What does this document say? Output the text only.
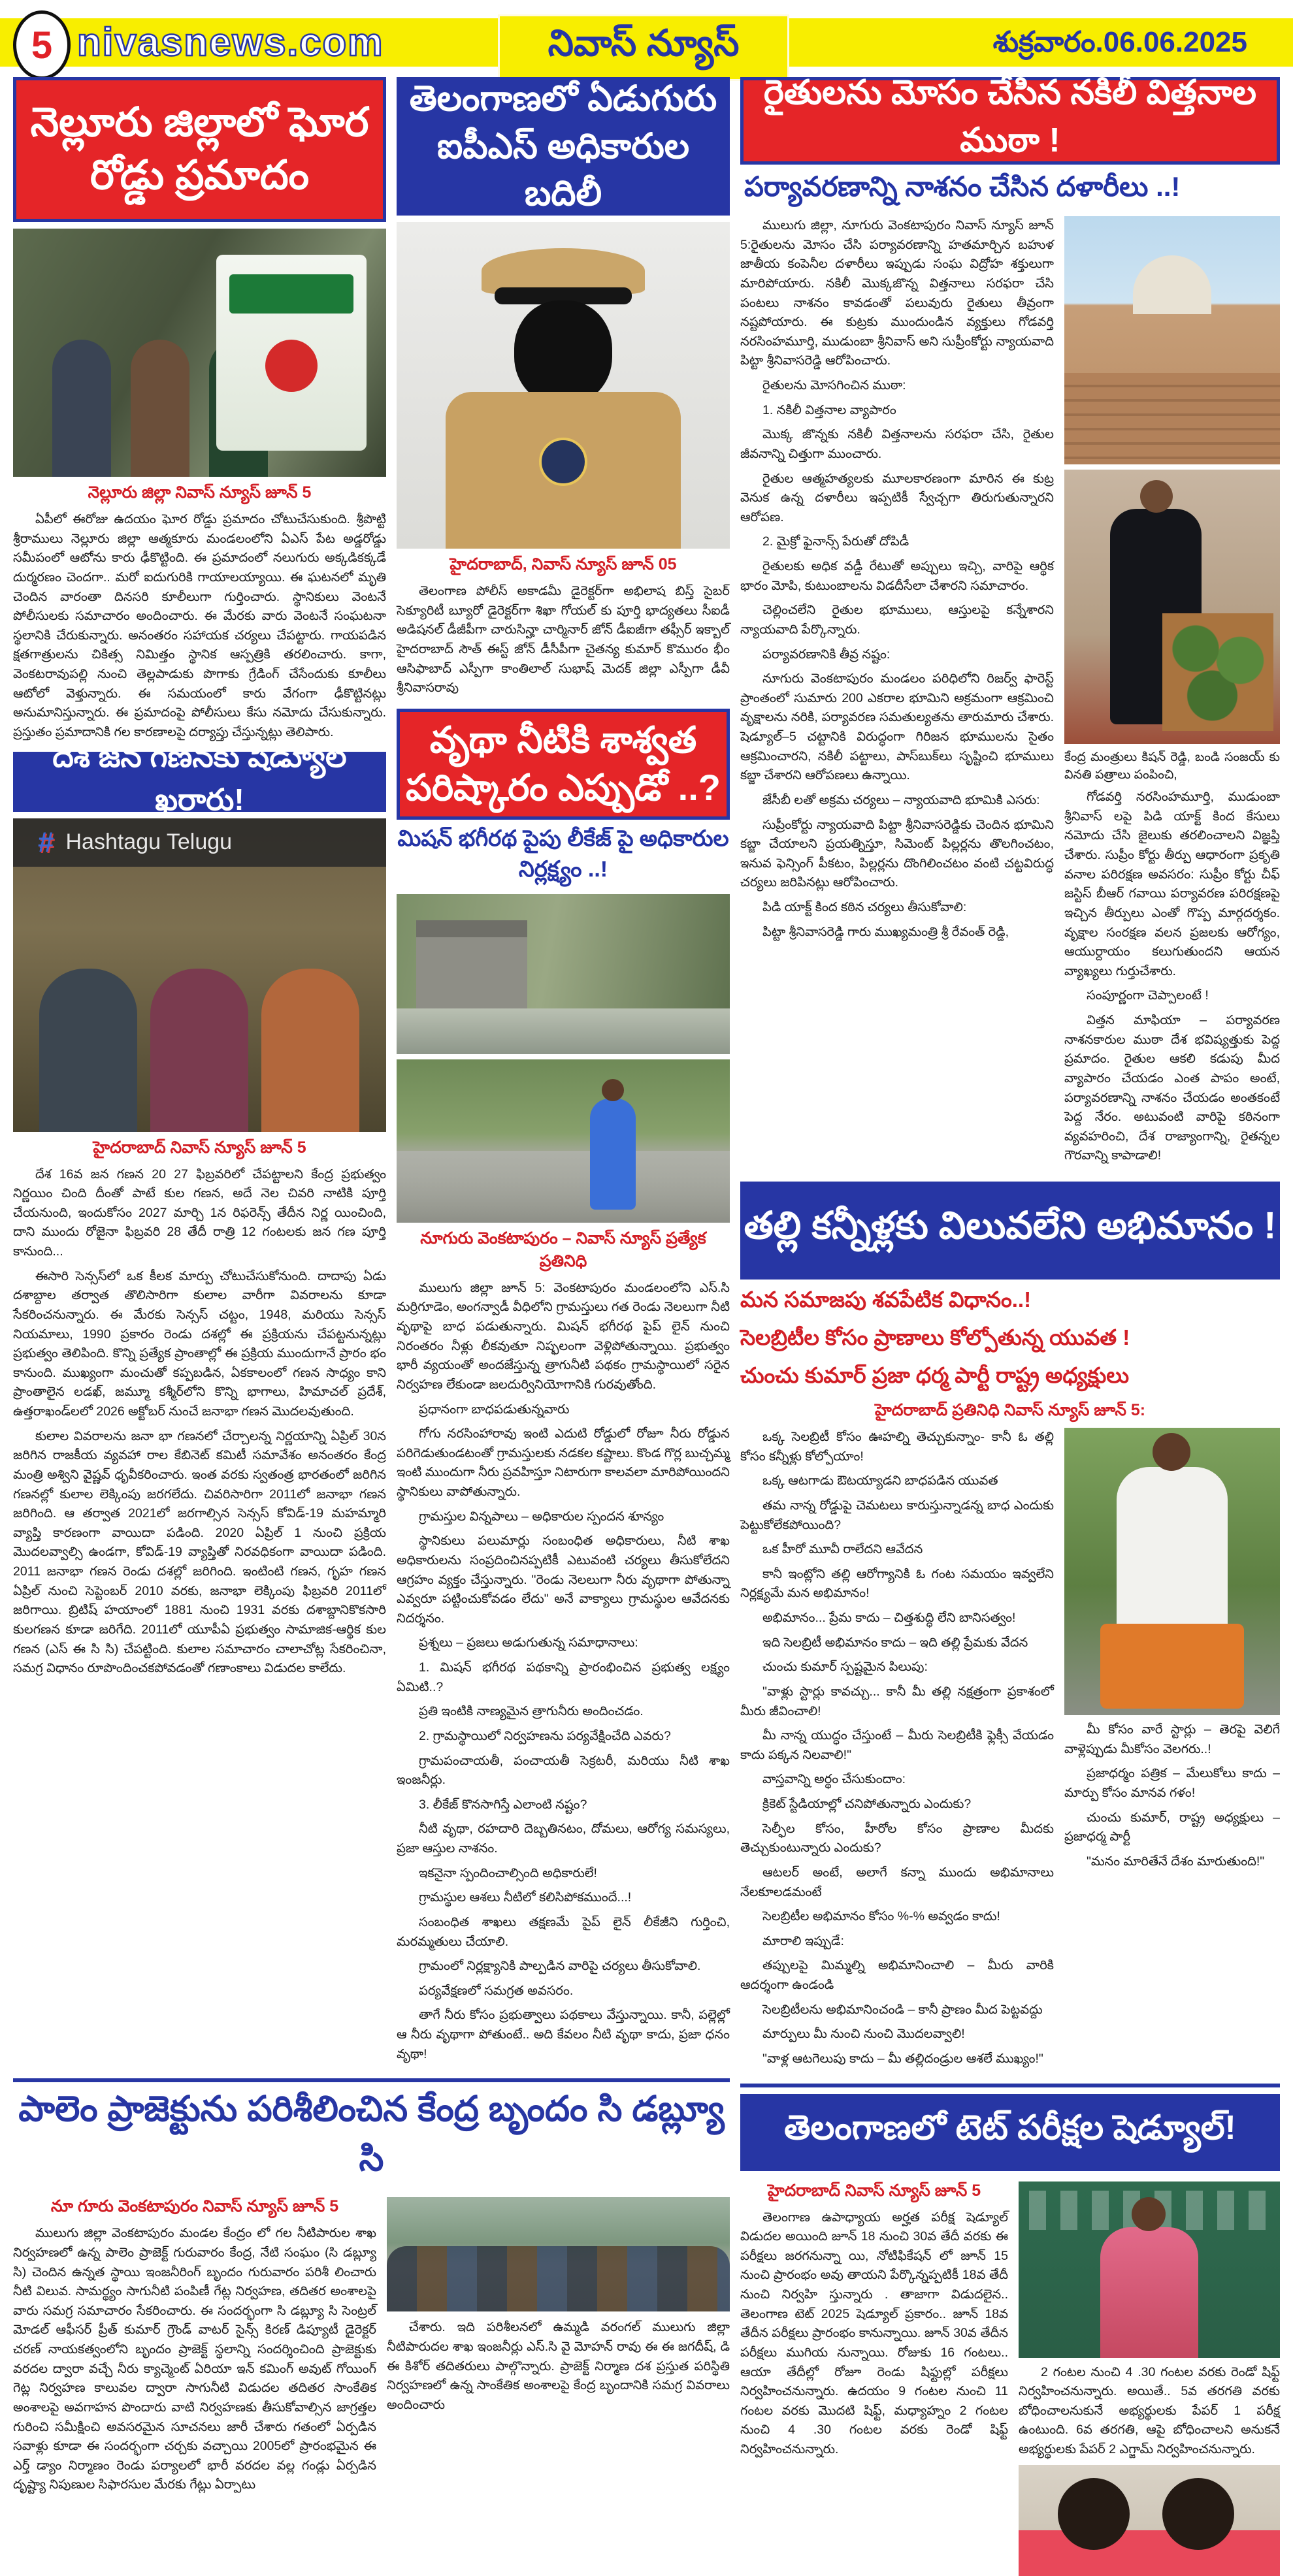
5 nivasnews.com	నివాస్ న్యూస్	శుక్రవారం.06.06.2025
నెల్లూరు జిల్లాలో ఘోర రోడ్డు ప్రమాదం
నెల్లూరు జిల్లా నివాస్ న్యూస్ జూన్ 5

ఏపీలో ఈరోజు ఉదయం ఘోర రోడ్డు ప్రమాదం చోటుచేసుకుంది. శ్రీపొట్టి శ్రీరాములు నెల్లూరు జిల్లా ఆత్మకూరు మండలంలోని ఏఎస్ పేట అడ్డరోడ్డు సమీపంలో ఆటోను కారు ఢీకొట్టింది. ఈ ప్రమాదంలో నలుగురు అక్కడికక్కడే దుర్మరణం చెందగా.. మరో ఐదుగురికి గాయాలయ్యాయి. ఈ ఘటనలో మృతి చెందిన వారంతా దినసరి కూలీలుగా గుర్తించారు. స్థానికులు వెంటనే పోలీసులకు సమాచారం అందించారు. ఈ మేరకు వారు వెంటనే సంఘటనా స్థలానికి చేరుకున్నారు. అనంతరం సహాయక చర్యలు చేపట్టారు. గాయపడిన క్షతగాత్రులను చికిత్స నిమిత్తం స్థానిక ఆస్పత్రికి తరలించారు. కాగా, వెంకటరావుపల్లి నుంచి తెల్లపాడుకు పొగాకు గ్రేడింగ్ చేసేందుకు కూలీలు ఆటోలో వెళ్తున్నారు. ఈ సమయంలో కారు వేగంగా ఢీకొట్టినట్లు అనుమానిస్తున్నారు. ఈ ప్రమాదంపై పోలీసులు కేసు నమోదు చేసుకున్నారు. ప్రస్తుతం ప్రమాదానికి గల కారణాలపై దర్యాప్తు చేస్తున్నట్లు తెలిపారు.

దేశ జన గణనకు షెడ్యూల్ ఖరారు!
# Hashtagu Telugu
హైదరాబాద్ నివాస్ న్యూస్ జూన్ 5

దేశ 16వ జన గణన 20 27 ఫిబ్రవరిలో చేపట్టాలని కేంద్ర ప్రభుత్వం నిర్ణయిం చింది దీంతో పాటే కుల గణన, అదే నెల చివరి నాటికి పూర్తి చేయనుంది, ఇందుకోసం 2027 మార్చి 1న రిఫరెన్స్ తేదీన నిర్ణ యించింది, దాని ముందు రోజైనా ఫిబ్రవరి 28 తేదీ రాత్రి 12 గంటలకు జన గణ పూర్తి కానుంది...

ఈసారి సెన్సస్‌లో ఒక కీలక మార్పు చోటుచేసుకోనుంది. దాదాపు ఏడు దశాబ్దాల తర్వాత తొలిసారిగా కులాల వారీగా వివరాలను కూడా సేకరించనున్నారు. ఈ మేరకు సెన్సస్ చట్టం, 1948, మరియు సెన్సస్ నియమాలు, 1990 ప్రకారం రెండు దశల్లో ఈ ప్రక్రియను చేపట్టనున్నట్లు ప్రభుత్వం తెలిపింది. కొన్ని ప్రత్యేక ప్రాంతాల్లో ఈ ప్రక్రియ ముందుగానే ప్రారం భం కానుంది. ముఖ్యంగా మంచుతో కప్పబడిన, ఏకకాలంలో గణన సాధ్యం కాని ప్రాంతాలైన లడఖ్, జమ్మూ కశ్మీర్‌లోని కొన్ని భాగాలు, హిమాచల్ ప్రదేశ్, ఉత్తరాఖండ్‌లలో 2026 అక్టోబర్ నుంచే జనాభా గణన మొదలవుతుంది.

కులాల వివరాలను జనా భా గణనలో చేర్చాలన్న నిర్ణయాన్ని ఏప్రిల్ 30న జరిగిన రాజకీయ వ్యవహా రాల కేబినెట్ కమిటీ సమావేశం అనంతరం కేంద్ర మంత్రి అశ్విని వైష్ణవ్ ధృవీకరించారు. ఇంత వరకు స్వతంత్ర భారతంలో జరిగిన గణనల్లో కులాల లెక్కింపు జరగలేదు. చివరిసారిగా 2011లో జనాభా గణన జరిగింది. ఆ తర్వాత 2021లో జరగాల్సిన సెన్సస్ కోవిడ్-19 మహమ్మారి వ్యాప్తి కారణంగా వాయిదా పడింది. 2020 ఏప్రిల్ 1 నుంచి ప్రక్రియ మొదలవ్వాల్సి ఉండగా, కోవిడ్-19 వ్యాప్తితో నిరవధికంగా వాయిదా పడింది. 2011 జనాభా గణన రెండు దశల్లో జరిగింది. ఇంటింటి గణన, గృహ గణన ఏప్రిల్ నుంచి సెప్టెంబర్ 2010 వరకు, జనాభా లెక్కింపు ఫిబ్రవరి 2011లో జరిగాయి. బ్రిటిష్ హయాంలో 1881 నుంచి 1931 వరకు దశాబ్దానికొకసారి కులగణన కూడా జరిగేది. 2011లో యూపీఏ ప్రభుత్వం సామాజిక-ఆర్థిక కుల గణన (ఎస్ ఈ సి సి) చేపట్టింది. కులాల సమాచారం చాలాచోట్ల సేకరించినా, సమగ్ర విధానం రూపొందించకపోవడంతో గణాంకాలు విడుదల కాలేదు.

తెలంగాణలో ఏడుగురు ఐపీఎస్ అధికారుల బదిలీ
హైదరాబాద్, నివాస్ న్యూస్ జూన్ 05

తెలంగాణ పోలీస్ అకాడమీ డైరెక్టర్‌గా అభిలాష బిస్త్ సైబర్ సెక్యూరిటీ బ్యూరో డైరెక్టర్‌గా శిఖా గోయల్ కు పూర్తి భాద్యతలు సీఐడీ అడిషనల్ డీజీపీగా చారుసిన్హా చార్మినార్ జోన్ డీఐజీగా తఫ్సీర్ ఇక్బాల్ హైదరాబాద్ సౌత్ ఈస్ట్ జోన్ డీసీపీగా చైతన్య కుమార్ కొమురం భీం ఆసిఫాబాద్ ఎస్పీగా కాంతిలాల్ సుభాష్ మెదక్ జిల్లా ఎస్పీగా డీవీ శ్రీనివాసరావు

వృథా నీటికి శాశ్వత పరిష్కారం ఎప్పుడో ..?
మిషన్ భగీరథ పైపు లీకేజ్ పై అధికారుల నిర్లక్ష్యం ..!
నూగురు వెంకటాపురం – నివాస్ న్యూస్ ప్రత్యేక ప్రతినిధి

ములుగు జిల్లా జూన్ 5: వెంకటాపురం మండలంలోని ఎస్.సి మర్రిగూడెం, అంగన్వాడీ వీధిలోని గ్రామస్తులు గత రెండు నెలలుగా నీటి వృథాపై బాధ పడుతున్నారు. మిషన్ భగీరథ పైప్ లైన్ నుంచి నిరంతరం నీళ్లు లీకవుతూ నిష్ఫలంగా వెళ్లిపోతున్నాయి. ప్రభుత్వం భారీ వ్యయంతో అందజేస్తున్న త్రాగునీటి పథకం గ్రామస్థాయిలో సరైన నిర్వహణ లేకుండా జలదుర్వినియోగానికి గురవుతోంది.

ప్రధానంగా బాధపడుతున్నవారు

గోగు నరసింహారావు ఇంటి ఎదుటి రోడ్డులో రోజూ నీరు రోడ్డున పరిగెడుతుండటంతో గ్రామస్తులకు నడకల కష్టాలు. కొండ గొర్ల బుచ్చమ్మ ఇంటి ముందుగా నీరు ప్రవహిస్తూ నిటారుగా కాలవలా మారిపోయిందని స్థానికులు వాపోతున్నారు.

గ్రామస్తుల విన్నపాలు – అధికారుల స్పందన శూన్యం

స్థానికులు పలుమార్లు సంబంధిత అధికారులు, నీటి శాఖ అధికారులను సంప్రదించినప్పటికీ ఎటువంటి చర్యలు తీసుకోలేదని ఆగ్రహం వ్యక్తం చేస్తున్నారు. "రెండు నెలలుగా నీరు వృథాగా పోతున్నా ఎవ్వరూ పట్టించుకోవడం లేదు" అనే వాక్యాలు గ్రామస్థుల ఆవేదనకు నిదర్శనం.

ప్రశ్నలు – ప్రజలు అడుగుతున్న సమాధానాలు:

1. మిషన్ భగీరథ పథకాన్ని ప్రారంభించిన ప్రభుత్వ లక్ష్యం ఏమిటి..?

ప్రతి ఇంటికి నాణ్యమైన త్రాగునీరు అందించడం.

2. గ్రామస్థాయిలో నిర్వహణను పర్యవేక్షించేది ఎవరు?

గ్రామపంచాయతీ, పంచాయతీ సెక్రటరీ, మరియు నీటి శాఖ ఇంజనీర్లు.

3. లీకేజ్ కొనసాగిస్తే ఎలాంటి నష్టం?

నీటి వృథా, రహదారి దెబ్బతినటం, దోమలు, ఆరోగ్య సమస్యలు, ప్రజా ఆస్తుల నాశనం.

ఇకనైనా స్పందించాల్సింది అధికారులే!

గ్రామస్థుల ఆశలు నీటిలో కలిసిపోకముందే...!

సంబంధిత శాఖలు తక్షణమే పైప్ లైన్ లీకేజీని గుర్తించి, మరమ్మతులు చేయాలి.

గ్రామంలో నిర్లక్ష్యానికి పాల్పడిన వారిపై చర్యలు తీసుకోవాలి.

పర్యవేక్షణలో సమగ్రత అవసరం.

తాగే నీరు కోసం ప్రభుత్వాలు పథకాలు వేస్తున్నాయి. కానీ, పల్లెల్లో ఆ నీరు వృథాగా పోతుంటే.. అది కేవలం నీటి వృథా కాదు, ప్రజా ధనం వృథా!

పాలెం ప్రాజెక్టును పరిశీలించిన కేంద్ర బృందం సి డబ్ల్యూ సి
నూ గూరు వెంకటాపురం నివాస్ న్యూస్ జూన్ 5

ములుగు జిల్లా వెంకటాపురం మండల కేంద్రం లో గల నీటిపారుల శాఖ నిర్వహణలో ఉన్న పాలెం ప్రాజెక్ట్ గురువారం కేంద్ర, నేటి సంఘం (సి డబ్ల్యూ సి) చెందిన ఉన్నత స్థాయి ఇంజనీరింగ్ బృందం గురువారం పరిశీ లించారు నీటి విలువ. సామర్థ్యం సాగునీటి పంపిణీ గేట్ల నిర్వహణ, తదితర అంశాలపై వారు సమగ్ర సమాచారం సేకరించారు. ఈ సందర్భంగా సి డబ్ల్యూ సి సెంట్రల్ మోడల్ ఆఫీసర్ ప్రీత్ కుమార్ గ్రౌండ్ వాటర్ సైన్స్ కిరణ్ డిప్యూటీ డైరెక్టర్ చరణ్ నాయకత్వంలోని బృందం ప్రాజెక్ట్ స్థలాన్ని సందర్శించింది ప్రాజెక్టుకు వరదల ద్వారా వచ్చే నీరు క్యాచ్మెంట్ ఏరియా ఇన్ కమింగ్ అవుట్ గోయింగ్ గెట్ల నిర్వహణ కాలువల ద్వారా సాగునీటి విడుదల తదితర సాంకేతిక అంశాలపై అవగాహన పొందారు వాటి నిర్వహణకు తీసుకోవాల్సిన జాగ్రత్తల గురించి సమీక్షించి అవసరమైన సూచనలు జారీ చేశారు గతంలో ఏర్పడిన సవాళ్లు కూడా ఈ సందర్భంగా చర్చకు వచ్చాయి 2005లో ప్రారంభమైన ఈ ఎర్త్ డ్యాం నిర్మాణం రెండు పర్యాలలో భారీ వరదల వల్ల గండ్లు ఏర్పడిన దృష్ట్యా నిపుణుల సిఫారసుల మేరకు గేట్లు ఏర్పాటు

చేశారు. ఇది పరిశీలనలో ఉమ్మడి వరంగల్ ములుగు జిల్లా నీటిపారుదల శాఖ ఇంజనీర్లు ఎస్.సి వై మోహన్ రావు ఈ ఈ జగదీష్, డి ఈ కిశోర్ తదితరులు పాల్గొన్నారు. ప్రాజెక్ట్ నిర్మాణ దశ ప్రస్తుత పరిస్థితి నిర్వహణలో ఉన్న సాంకేతిక అంశాలపై కేంద్ర బృందానికి సమగ్ర వివరాలు అందించారు

రైతులను మోసం చేసిన నకిలీ విత్తనాల ముఠా !
పర్యావరణాన్ని నాశనం చేసిన దళారీలు ..!

ములుగు జిల్లా, నూగురు వెంకటాపురం నివాస్ న్యూస్ జూన్ 5:రైతులను మోసం చేసి పర్యావరణాన్ని హతమార్చిన బహుళ జాతీయ కంపెనీల దళారీలు ఇప్పుడు సంఘ విద్రోహ శక్తులుగా మారిపోయారు. నకిలీ మొక్కజొన్న విత్తనాలు సరఫరా చేసి పంటలు నాశనం కావడంతో పలువురు రైతులు తీవ్రంగా నష్టపోయారు. ఈ కుట్రకు ముందుండిన వ్యక్తులు గోడవర్తి నరసింహమూర్తి, ముడుంబా శ్రీనివాస్ అని సుప్రీంకోర్టు న్యాయవాది పిట్టా శ్రీనివాసరెడ్డి ఆరోపించారు.

రైతులను మోసగించిన ముఠా:

1. నకిలీ విత్తనాల వ్యాపారం

మొక్క జొన్నకు నకిలీ విత్తనాలను సరఫరా చేసి, రైతుల జీవనాన్ని చిత్తుగా ముంచారు.

రైతుల ఆత్మహత్యలకు మూలకారణంగా మారిన ఈ కుట్ర వెనుక ఉన్న దళారీలు ఇప్పటికీ స్వేచ్చగా తిరుగుతున్నారని ఆరోపణ.

2. మైక్రో ఫైనాన్స్ పేరుతో దోపిడీ

రైతులకు అధిక వడ్డీ రేటుతో అప్పులు ఇచ్చి, వారిపై ఆర్థిక భారం మోపి, కుటుంబాలను విడదీసేలా చేశారని సమాచారం.

చెల్లించలేని రైతుల భూములు, ఆస్తులపై కన్నేశారని న్యాయవాది పేర్కొన్నారు.

పర్యావరణానికి తీవ్ర నష్టం:

నూగురు వెంకటాపురం మండలం పరిధిలోని రిజర్వ్ ఫారెస్ట్ ప్రాంతంలో సుమారు 200 ఎకరాల భూమిని అక్రమంగా ఆక్రమించి వృక్షాలను నరికి, పర్యావరణ సమతుల్యతను తారుమారు చేశారు. షెడ్యూల్–5 చట్టానికి విరుద్ధంగా గిరిజన భూములను సైతం ఆక్రమించారని, నకిలీ పట్టాలు, పాస్‌బుక్‌లు సృష్టించి భూములు కబ్జా చేశారని ఆరోపణలు ఉన్నాయి.

జేసీబీ లతో అక్రమ చర్యలు – న్యాయవాది భూమికి ఎసరు:

సుప్రీంకోర్టు న్యాయవాది పిట్టా శ్రీనివాసరెడ్డికు చెందిన భూమిని కబ్జా చేయాలని ప్రయత్నిస్తూ, సిమెంట్ పిల్లర్లను తొలగించటం, ఇనువ ఫెన్సింగ్ పీకటం, పిల్లర్లను దొంగిలించటం వంటి చట్టవిరుద్ధ చర్యలు జరిపినట్లు ఆరోపించారు.

పిడి యాక్ట్ కింద కఠిన చర్యలు తీసుకోవాలి:

పిట్టా శ్రీనివాసరెడ్డి గారు ముఖ్యమంత్రి శ్రీ రేవంత్ రెడ్డి,

కేంద్ర మంత్రులు కిషన్ రెడ్డి, బండి సంజయ్ కు వినతి పత్రాలు పంపించి,

గోడవర్తి నరసింహమూర్తి, ముడుంబా శ్రీనివాస్ లపై పిడి యాక్ట్ కింద కేసులు నమోదు చేసి జైలుకు తరలించాలని విజ్ఞప్తి చేశారు. సుప్రీం కోర్టు తీర్పు ఆధారంగా ప్రకృతి వనాల పరిరక్షణ అవసరం: సుప్రీం కోర్టు చీఫ్ జస్టిస్ బీఆర్ గవాయి పర్యావరణ పరిరక్షణపై ఇచ్చిన తీర్పులు ఎంతో గొప్ప మార్గదర్శకం. వృక్షాల సంరక్షణ వలన ప్రజలకు ఆరోగ్యం, ఆయుర్దాయం కలుగుతుందని ఆయన వ్యాఖ్యలు గుర్తుచేశారు.

సంపూర్ణంగా చెప్పాలంటే !

విత్తన మాఫియా – పర్యావరణ నాశనకారుల ముఠా దేశ భవిష్యత్తుకు పెద్ద ప్రమాదం. రైతుల ఆకలి కడుపు మీద వ్యాపారం చేయడం ఎంత పాపం అంటే, పర్యావరణాన్ని నాశనం చేయడం అంతకంటే పెద్ద నేరం. అటువంటి వారిపై కఠినంగా వ్యవహరించి, దేశ రాజ్యాంగాన్ని, రైతన్నల గౌరవాన్ని కాపాడాలి!

తల్లి కన్నీళ్లకు విలువలేని అభిమానం !

మన సమాజపు శవపేటిక విధానం..!

సెలబ్రిటీల కోసం ప్రాణాలు కోల్పోతున్న యువత !

చుంచు కుమార్ ప్రజా ధర్మ పార్టీ రాష్ట్ర అధ్యక్షులు

హైదరాబాద్ ప్రతినిధి నివాస్ న్యూస్ జూన్ 5:

ఒక్క సెలబ్రిటీ కోసం ఊహల్ని తెచ్చుకున్నాం- కానీ ఓ తల్లి కోసం కన్నీళ్లు కోల్పోయాం!

ఒక్క ఆటగాడు ఔటయ్యాడని బాధపడిన యువత

తమ నాన్న రోడ్డుపై చెమటలు కారుస్తున్నాడన్న బాధ ఎందుకు పెట్టుకోలేకపోయింది?

ఒక హీరో మూవీ రాలేదని ఆవేదన

కానీ ఇంట్లోని తల్లి ఆరోగ్యానికి ఓ గంట సమయం ఇవ్వలేని నిర్లక్ష్యమే మన అభిమానం!

అభిమానం... ప్రేమ కాదు – చిత్తశుద్ధి లేని బానిసత్వం!

ఇది సెలబ్రిటీ అభిమానం కాదు – ఇది తల్లి ప్రేమకు వేదన

చుంచు కుమార్ స్పష్టమైన పిలుపు:

"వాళ్లు స్టార్లు కావచ్చు... కానీ మీ తల్లి నక్షత్రంగా ప్రకాశంలో మీరు జీవించాలి!

మీ నాన్న యుద్ధం చేస్తుంటే – మీరు సెలబ్రిటీకి ఫ్లెక్సీ వేయడం కాదు పక్కన నిలవాలి!"

వాస్తవాన్ని అర్థం చేసుకుందాం:

క్రికెట్ స్టేడియాల్లో చనిపోతున్నారు ఎందుకు?

సెల్ఫీల కోసం, హీరోల కోసం ప్రాణాల మీదకు తెచ్చుకుంటున్నారు ఎందుకు?

ఆటలర్ అంటే, అలాగే కన్నా ముందు అభిమానాలు నేలకూలడమంటే

సెలబ్రిటీల అభిమానం కోసం %-% అవ్వడం కాదు!

మారాలి ఇప్పుడే:

తప్పులపై మిమ్మల్ని అభిమానించాలి – మీరు వారికి ఆదర్శంగా ఉండండి

సెలబ్రిటీలను అభిమానించండి – కానీ ప్రాణం మీద పెట్టవద్దు

మార్పులు మీ నుంచి నుంచి మొదలవ్వాలి!

"వాళ్ల ఆటగెలుపు కాదు – మీ తల్లిదండ్రుల ఆశలే ముఖ్యం!"

మీ కోసం వారే స్టార్లు – తెరపై వెలిగే వాళ్లెప్పుడు మీకోసం వెలగరు..!

ప్రజాధర్మం పత్రిక – మేలుకోలు కాదు – మార్పు కోసం మానవ గళం!

చుంచు కుమార్, రాష్ట్ర అధ్యక్షులు – ప్రజాధర్మ పార్టీ

"మనం మారితేనే దేశం మారుతుంది!"

తెలంగాణలో టెట్ పరీక్షల షెడ్యూల్!
హైదరాబాద్ నివాస్ న్యూస్ జూన్ 5

తెలంగాణ ఉపాధ్యాయ అర్హత పరీక్ష షెడ్యూల్ విడుదల అయింది జూన్ 18 నుంచి 30వ తేదీ వరకు ఈ పరీక్షలు జరగనున్నా యి, నోటిఫికేషన్ లో జూన్ 15 నుంచి ప్రారంభం అవు తాయని పేర్కొన్నప్పటికీ 18వ తేదీ నుంచి నిర్వహి స్తున్నారు . తాజాగా విడుదలైన.. తెలంగాణ టెట్ 2025 షెడ్యూల్ ప్రకారం.. జూన్ 18వ తేదీన పరీక్షలు ప్రారంభం కానున్నాయి. జూన్ 30వ తేదీన పరీక్షలు ముగియ నున్నాయి. రోజుకు 16 గంటలు.. ఆయా తేదీల్లో రోజూ రెండు షిఫ్టుల్లో పరీక్షలు నిర్వహించనున్నారు. ఉదయం 9 గంటల నుంచి 11 గంటల వరకు మొదటి షిఫ్ట్, మధ్యాహ్నం 2 గంటల నుంచి 4 .30 గంటల వరకు రెండో షిఫ్ట్ నిర్వహించనున్నారు.

2 గంటల నుంచి 4 .30 గంటల వరకు రెండో షిఫ్ట్ నిర్వహించనున్నారు. అయితే.. 5వ తరగతి వరకు బోధించాలనుకునే అభ్యర్థులకు పేపర్ 1 పరీక్ష ఉంటుంది. 6వ తరగతి, ఆపై బోధించాలని అనుకనే అభ్యర్థులకు పేపర్ 2 ఎగ్జామ్ నిర్వహించనున్నారు.
